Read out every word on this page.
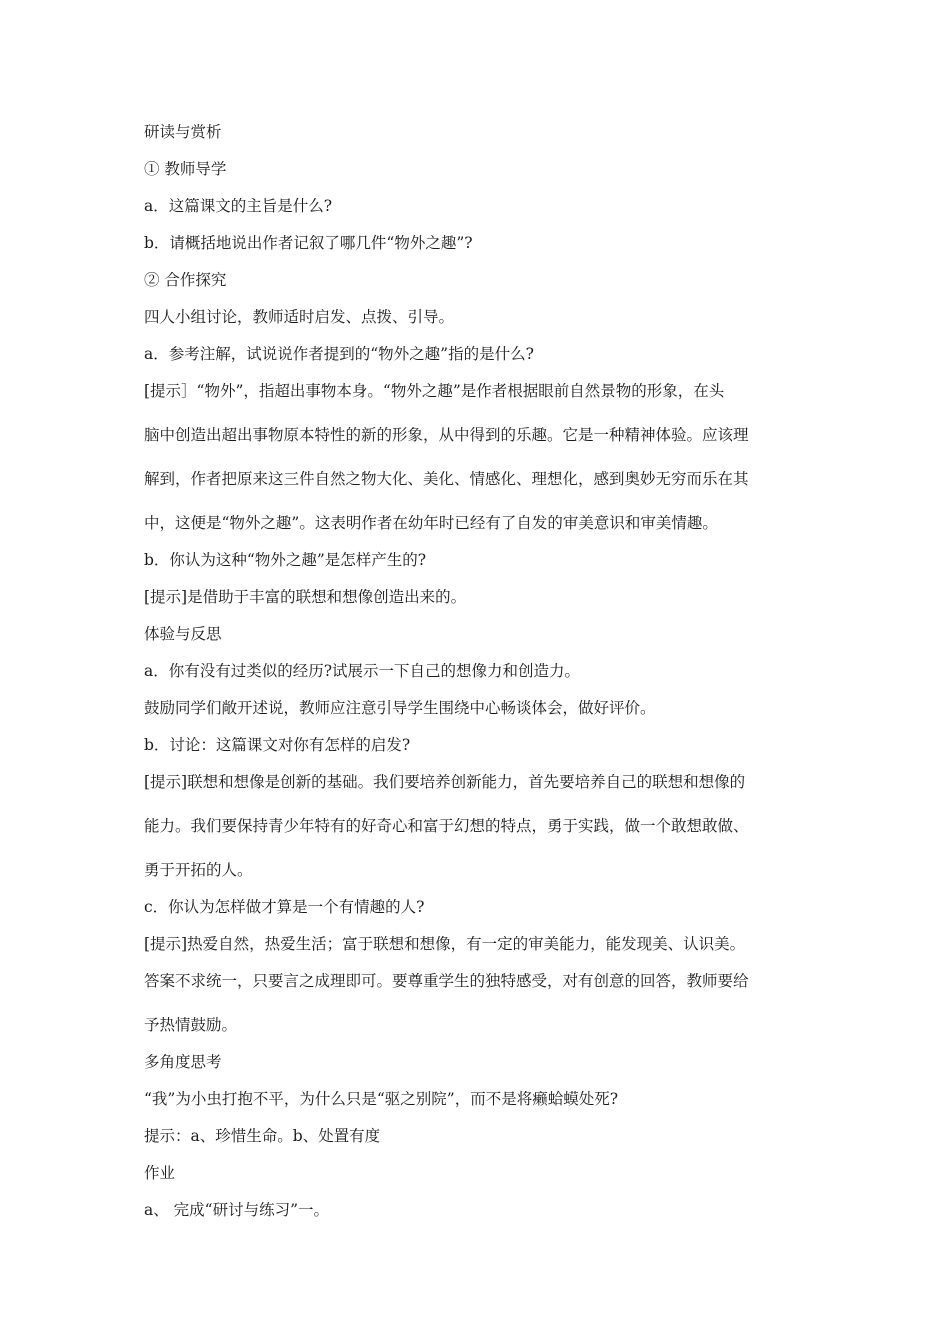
研读与赏析

① 教师导学

a．这篇课文的主旨是什么?

b．请概括地说出作者记叙了哪几件“物外之趣”?

② 合作探究

四人小组讨论，教师适时启发、点拨、引导。

a．参考注解，试说说作者提到的“物外之趣”指的是什么?

[提示］“物外”，指超出事物本身。“物外之趣”是作者根据眼前自然景物的形象，在头

脑中创造出超出事物原本特性的新的形象，从中得到的乐趣。它是一种精神体验。应该理

解到，作者把原来这三件自然之物大化、美化、情感化、理想化，感到奥妙无穷而乐在其

中，这便是“物外之趣”。这表明作者在幼年时已经有了自发的审美意识和审美情趣。

b．你认为这种“物外之趣”是怎样产生的?

[提示]是借助于丰富的联想和想像创造出来的。

体验与反思

a．你有没有过类似的经历?试展示一下自己的想像力和创造力。

鼓励同学们敞开述说，教师应注意引导学生围绕中心畅谈体会，做好评价。

b．讨论：这篇课文对你有怎样的启发?

[提示]联想和想像是创新的基础。我们要培养创新能力，首先要培养自己的联想和想像的

能力。我们要保持青少年特有的好奇心和富于幻想的特点，勇于实践，做一个敢想敢做、

勇于开拓的人。

c．你认为怎样做才算是一个有情趣的人?

[提示]热爱自然，热爱生活；富于联想和想像，有一定的审美能力，能发现美、认识美。

答案不求统一，只要言之成理即可。要尊重学生的独特感受，对有创意的回答，教师要给

予热情鼓励。

多角度思考

“我”为小虫打抱不平，为什么只是“驱之别院”，而不是将癞蛤蟆处死?

提示：a、珍惜生命。b、处置有度

作业

a、 完成“研讨与练习”一。
